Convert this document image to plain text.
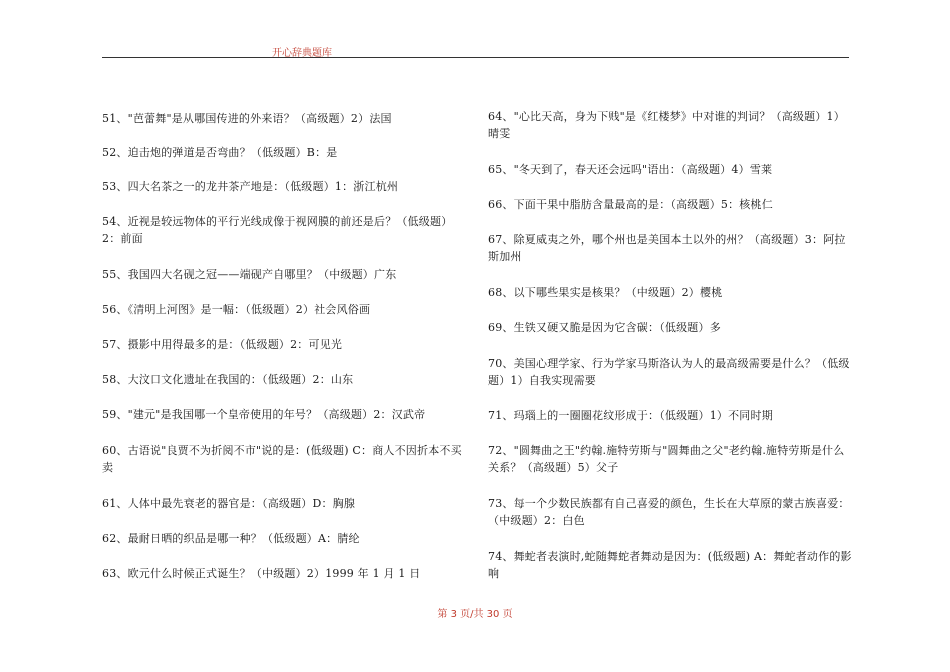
开心辞典题库
51、"芭蕾舞"是从哪国传进的外来语？（高级题）2）法国
52、迫击炮的弹道是否弯曲？（低级题）B：是
53、四大名茶之一的龙井茶产地是：（低级题）1：浙江杭州
54、近视是较远物体的平行光线成像于视网膜的前还是后？（低级题）2：前面
55、我国四大名砚之冠——端砚产自哪里？（中级题）广东
56、《清明上河图》是一幅：（低级题）2）社会风俗画
57、摄影中用得最多的是：（低级题）2：可见光
58、大汶口文化遗址在我国的：（低级题）2：山东
59、"建元"是我国哪一个皇帝使用的年号？（高级题）2：汉武帝
60、古语说"良贾不为折阅不市"说的是：(低级题) C：商人不因折本不买卖
61、人体中最先衰老的器官是：（高级题）D：胸腺
62、最耐日晒的织品是哪一种？（低级题）A：腈纶
63、欧元什么时候正式诞生？（中级题）2）1999 年 1 月 1 日
64、"心比天高，身为下贱"是《红楼梦》中对谁的判词？（高级题）1）晴雯
65、"冬天到了，春天还会远吗"语出：（高级题）4）雪莱
66、下面干果中脂肪含量最高的是：（高级题）5：核桃仁
67、除夏威夷之外，哪个州也是美国本土以外的州？（高级题）3：阿拉斯加州
68、以下哪些果实是核果？（中级题）2）樱桃
69、生铁又硬又脆是因为它含碳：（低级题）多
70、美国心理学家、行为学家马斯洛认为人的最高级需要是什么？（低级题）1）自我实现需要
71、玛瑙上的一圈圈花纹形成于：（低级题）1）不同时期
72、"圆舞曲之王"约翰.施特劳斯与"圆舞曲之父"老约翰.施特劳斯是什么关系？（高级题）5）父子
73、每一个少数民族都有自己喜爱的颜色，生长在大草原的蒙古族喜爱：（中级题）2：白色
74、舞蛇者表演时,蛇随舞蛇者舞动是因为：(低级题) A：舞蛇者动作的影响
第 3 页/共 30 页
